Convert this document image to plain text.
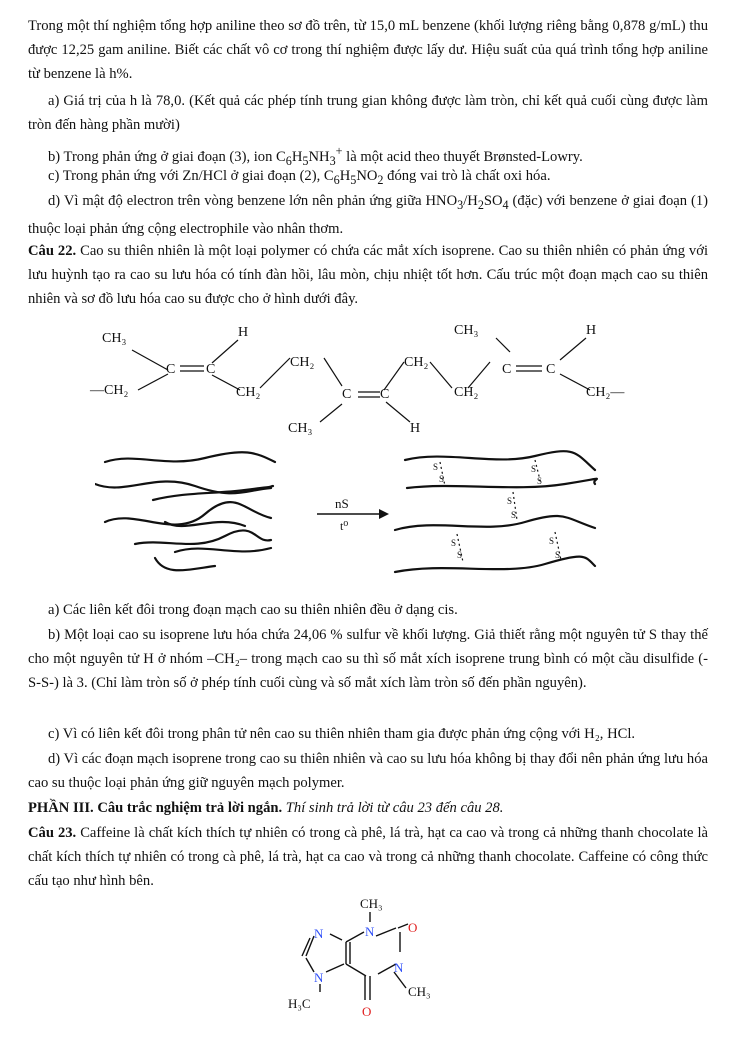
Trong một thí nghiệm tổng hợp aniline theo sơ đồ trên, từ 15,0 mL benzene (khối lượng riêng bằng 0,878 g/mL) thu được 12,25 gam aniline. Biết các chất vô cơ trong thí nghiệm được lấy dư. Hiệu suất của quá trình tổng hợp aniline từ benzene là h%.
a) Giá trị của h là 78,0. (Kết quả các phép tính trung gian không được làm tròn, chỉ kết quả cuối cùng được làm tròn đến hàng phần mười)
b) Trong phản ứng ở giai đoạn (3), ion $C_6H_5NH_3^+$ là một acid theo thuyết Brønsted-Lowry.
c) Trong phản ứng với Zn/HCl ở giai đoạn (2), $C_6H_5NO_2$ đóng vai trò là chất oxi hóa.
d) Vì mật độ electron trên vòng benzene lớn nên phản ứng giữa $HNO_3/H_2SO_4$ (đặc) với benzene ở giai đoạn (1) thuộc loại phản ứng cộng electrophile vào nhân thơm.
Câu 22. Cao su thiên nhiên là một loại polymer có chứa các mắt xích isoprene. Cao su thiên nhiên có phản ứng với lưu huỳnh tạo ra cao su lưu hóa có tính đàn hồi, lâu mòn, chịu nhiệt tốt hơn. Cấu trúc một đoạn mạch cao su thiên nhiên và sơ đồ lưu hóa cao su được cho ở hình dưới đây.
CH₃
—CH₂
C C
H
CH₂
CH₂
C C
CH₃	H
CH₂
CH₂
CH₃
C C
H
CH₂—
S
S
S
S
S
S
S
S
S
S
nS
t⁰
a) Các liên kết đôi trong đoạn mạch cao su thiên nhiên đều ở dạng cis.
b) Một loại cao su isoprene lưu hóa chứa 24,06 % sulfur về khối lượng. Giả thiết rằng một nguyên tử S thay thế cho một nguyên tử H ở nhóm –CH₂– trong mạch cao su thì số mắt xích isoprene trung bình có một cầu disulfide (-S-S-) là 3. (Chỉ làm tròn số ở phép tính cuối cùng và số mắt xích làm tròn số đến phần nguyên).
c) Vì có liên kết đôi trong phân tử nên cao su thiên nhiên tham gia được phản ứng cộng với H₂, HCl.
d) Vì các đoạn mạch isoprene trong cao su thiên nhiên và cao su lưu hóa không bị thay đổi nên phản ứng lưu hóa cao su thuộc loại phản ứng giữ nguyên mạch polymer.
PHẦN III. Câu trắc nghiệm trả lời ngắn. Thí sinh trả lời từ câu 23 đến câu 28.
Câu 23. Caffeine là chất kích thích tự nhiên có trong cà phê, lá trà, hạt ca cao và trong cả những thanh chocolate là chất kích thích tự nhiên có trong cà phê, lá trà, hạt ca cao và trong cả những thanh chocolate. Caffeine có công thức cấu tạo như hình bên.
CH₃
N	O
N
CH₃
O
N
N
H₃C
